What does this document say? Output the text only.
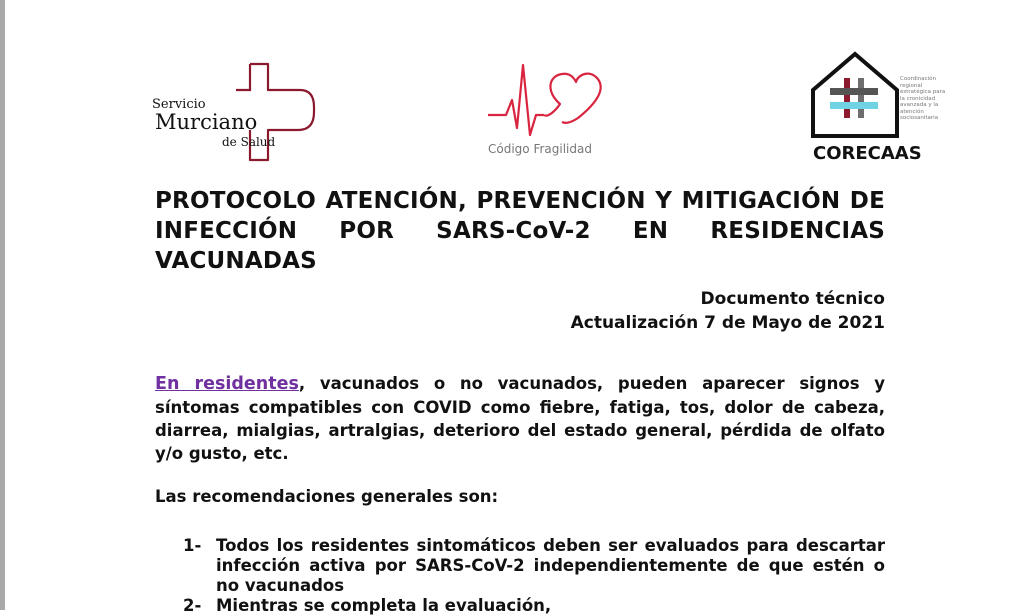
Servicio
Murciano
de Salud	Código Fragilidad
Coordinación
regional
estratégica para
la cronicidad
avanzada y la
atención
sociosanitaria
CORECAAS
PROTOCOLO ATENCIÓN, PREVENCIÓN Y MITIGACIÓN DE INFECCIÓN POR SARS-CoV-2 EN RESIDENCIAS VACUNADAS
Documento técnico
Actualización 7 de Mayo de 2021
En residentes, vacunados o no vacunados, pueden aparecer signos y síntomas compatibles con COVID como fiebre, fatiga, tos, dolor de cabeza, diarrea, mialgias, artralgias, deterioro del estado general, pérdida de olfato y/o gusto, etc.
Las recomendaciones generales son:
1- Todos los residentes sintomáticos deben ser evaluados para descartar infección activa por SARS-CoV-2 independientemente de que estén o no vacunados
2- Mientras se completa la evaluación,
